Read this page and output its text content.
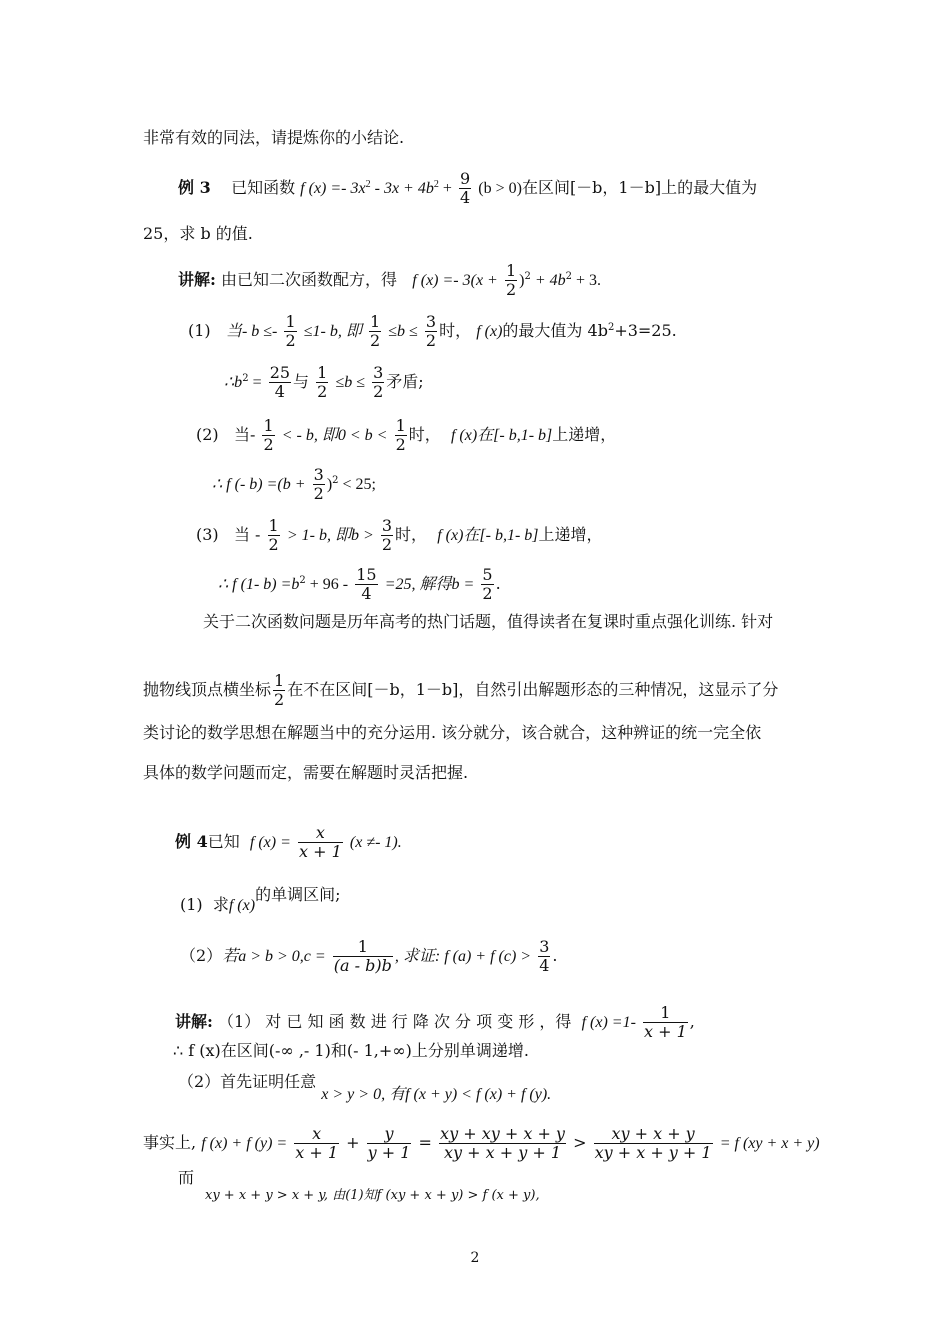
非常有效的同法，请提炼你的小结论.
例 3 已知函数 f $(x) =- 3x^2 - 3x + 4b^2 + \frac{9}{4} (b > 0)$在区间[－b，1－b]上的最大值为
25，求 b 的值.
讲解: 由已知二次函数配方，得 f $(x) =- 3(x + \frac{1}{2} )^2 + 4b^2 + 3$.
(1) 当- $b \le- \frac{1}{2} \le 1-$ b, 即 $\frac{1}{2} \le b \le \frac{3}{2}$ 时， f (x)的最大值为 $4b^2+3=25$.
$\therefore b^2 = \frac{25}{4}$ 与 $\frac{1}{2} \le b \le \frac{3}{2}$ 矛盾;
(2) 当- $\frac{1}{2}$ < - b, 即$0 < b < \frac{1}{2}$ 时， f (x)在[- b,1- b]上递增，
∴ f (- $b) =(b + \frac{3}{2} )^2 < 25$;
(3) 当 - $\frac{1}{2} > 1-$ b, 即$b > \frac{3}{2}$ 时， f (x)在[- b,1- b]上递增，
∴ f (1- $b) =b^2 + 96 - \frac{15}{4} =25$, 解得$b = \frac{5}{2}$ .
关于二次函数问题是历年高考的热门话题，值得读者在复课时重点强化训练. 针对
抛物线顶点横坐标 $\frac{1}{2}$ 在不在区间[－b，1－b]，自然引出解题形态的三种情况，这显示了分
类讨论的数学思想在解题当中的充分运用. 该分就分，该合就合，这种辨证的统一完全依
具体的数学问题而定，需要在解题时灵活把握.
例 4已知 f $(x) = \frac{x}{x + 1} (x \ne- 1)$.
(1) 求f (x)的单调区间;
（2）若$a > b > 0,c = \frac{1}{(a - b)b}$ , 求证: f (a) + f $(c) > \frac{3}{4}$ .
讲解: （1） 对 已 知 函 数 进 行 降 次 分 项 变 形 ，得 f $(x) =1- \frac{1}{x + 1}$ ,
∴ f (x)在区间(-∞ ,- 1)和(- 1,+∞)上分别单调递增.
（2）首先证明任意 x > y > 0, 有f (x + y) < f (x) + f (y).
事实上, f (x) + f $(y) = \frac{x}{x + 1} + \frac{y}{y + 1} = \frac{xy + xy + x + y}{xy + x + y + 1} > \frac{xy + x + y}{xy + x + y + 1} = f$ (xy + x + y)
而
xy + x + y > x + y, 由(1)知f (xy + x + y) > f (x + y),
2
